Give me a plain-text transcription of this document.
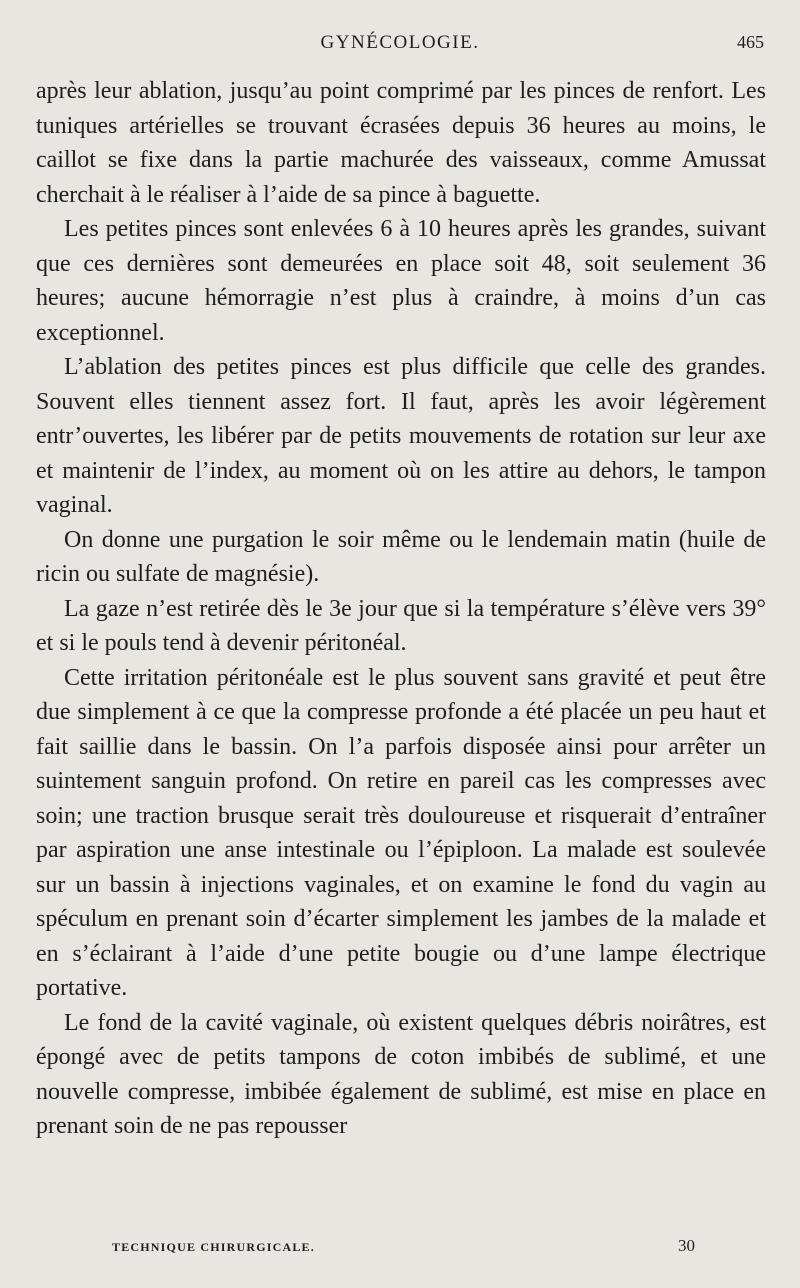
GYNÉCOLOGIE.	465

après leur ablation, jusqu’au point comprimé par les pinces de renfort. Les tuniques artérielles se trouvant écrasées depuis 36 heures au moins, le caillot se fixe dans la partie machurée des vaisseaux, comme Amussat cherchait à le réaliser à l’aide de sa pince à baguette.

Les petites pinces sont enlevées 6 à 10 heures après les grandes, suivant que ces dernières sont demeurées en place soit 48, soit seulement 36 heures; aucune hémorragie n’est plus à craindre, à moins d’un cas exceptionnel.

L’ablation des petites pinces est plus difficile que celle des grandes. Souvent elles tiennent assez fort. Il faut, après les avoir légèrement entr’ouvertes, les libérer par de petits mouvements de rotation sur leur axe et maintenir de l’index, au moment où on les attire au dehors, le tampon vaginal.

On donne une purgation le soir même ou le lendemain matin (huile de ricin ou sulfate de magnésie).

La gaze n’est retirée dès le 3e jour que si la température s’élève vers 39° et si le pouls tend à devenir péritonéal.

Cette irritation péritonéale est le plus souvent sans gravité et peut être due simplement à ce que la compresse profonde a été placée un peu haut et fait saillie dans le bassin. On l’a parfois disposée ainsi pour arrêter un suintement sanguin profond. On retire en pareil cas les compresses avec soin; une traction brusque serait très douloureuse et risquerait d’entraîner par aspiration une anse intestinale ou l’épiploon. La malade est soulevée sur un bassin à injections vaginales, et on examine le fond du vagin au spéculum en prenant soin d’écarter simplement les jambes de la malade et en s’éclairant à l’aide d’une petite bougie ou d’une lampe électrique portative.

Le fond de la cavité vaginale, où existent quelques débris noirâtres, est épongé avec de petits tampons de coton imbibés de sublimé, et une nouvelle compresse, imbibée également de sublimé, est mise en place en prenant soin de ne pas repousser

TECHNIQUE CHIRURGICALE.	30
